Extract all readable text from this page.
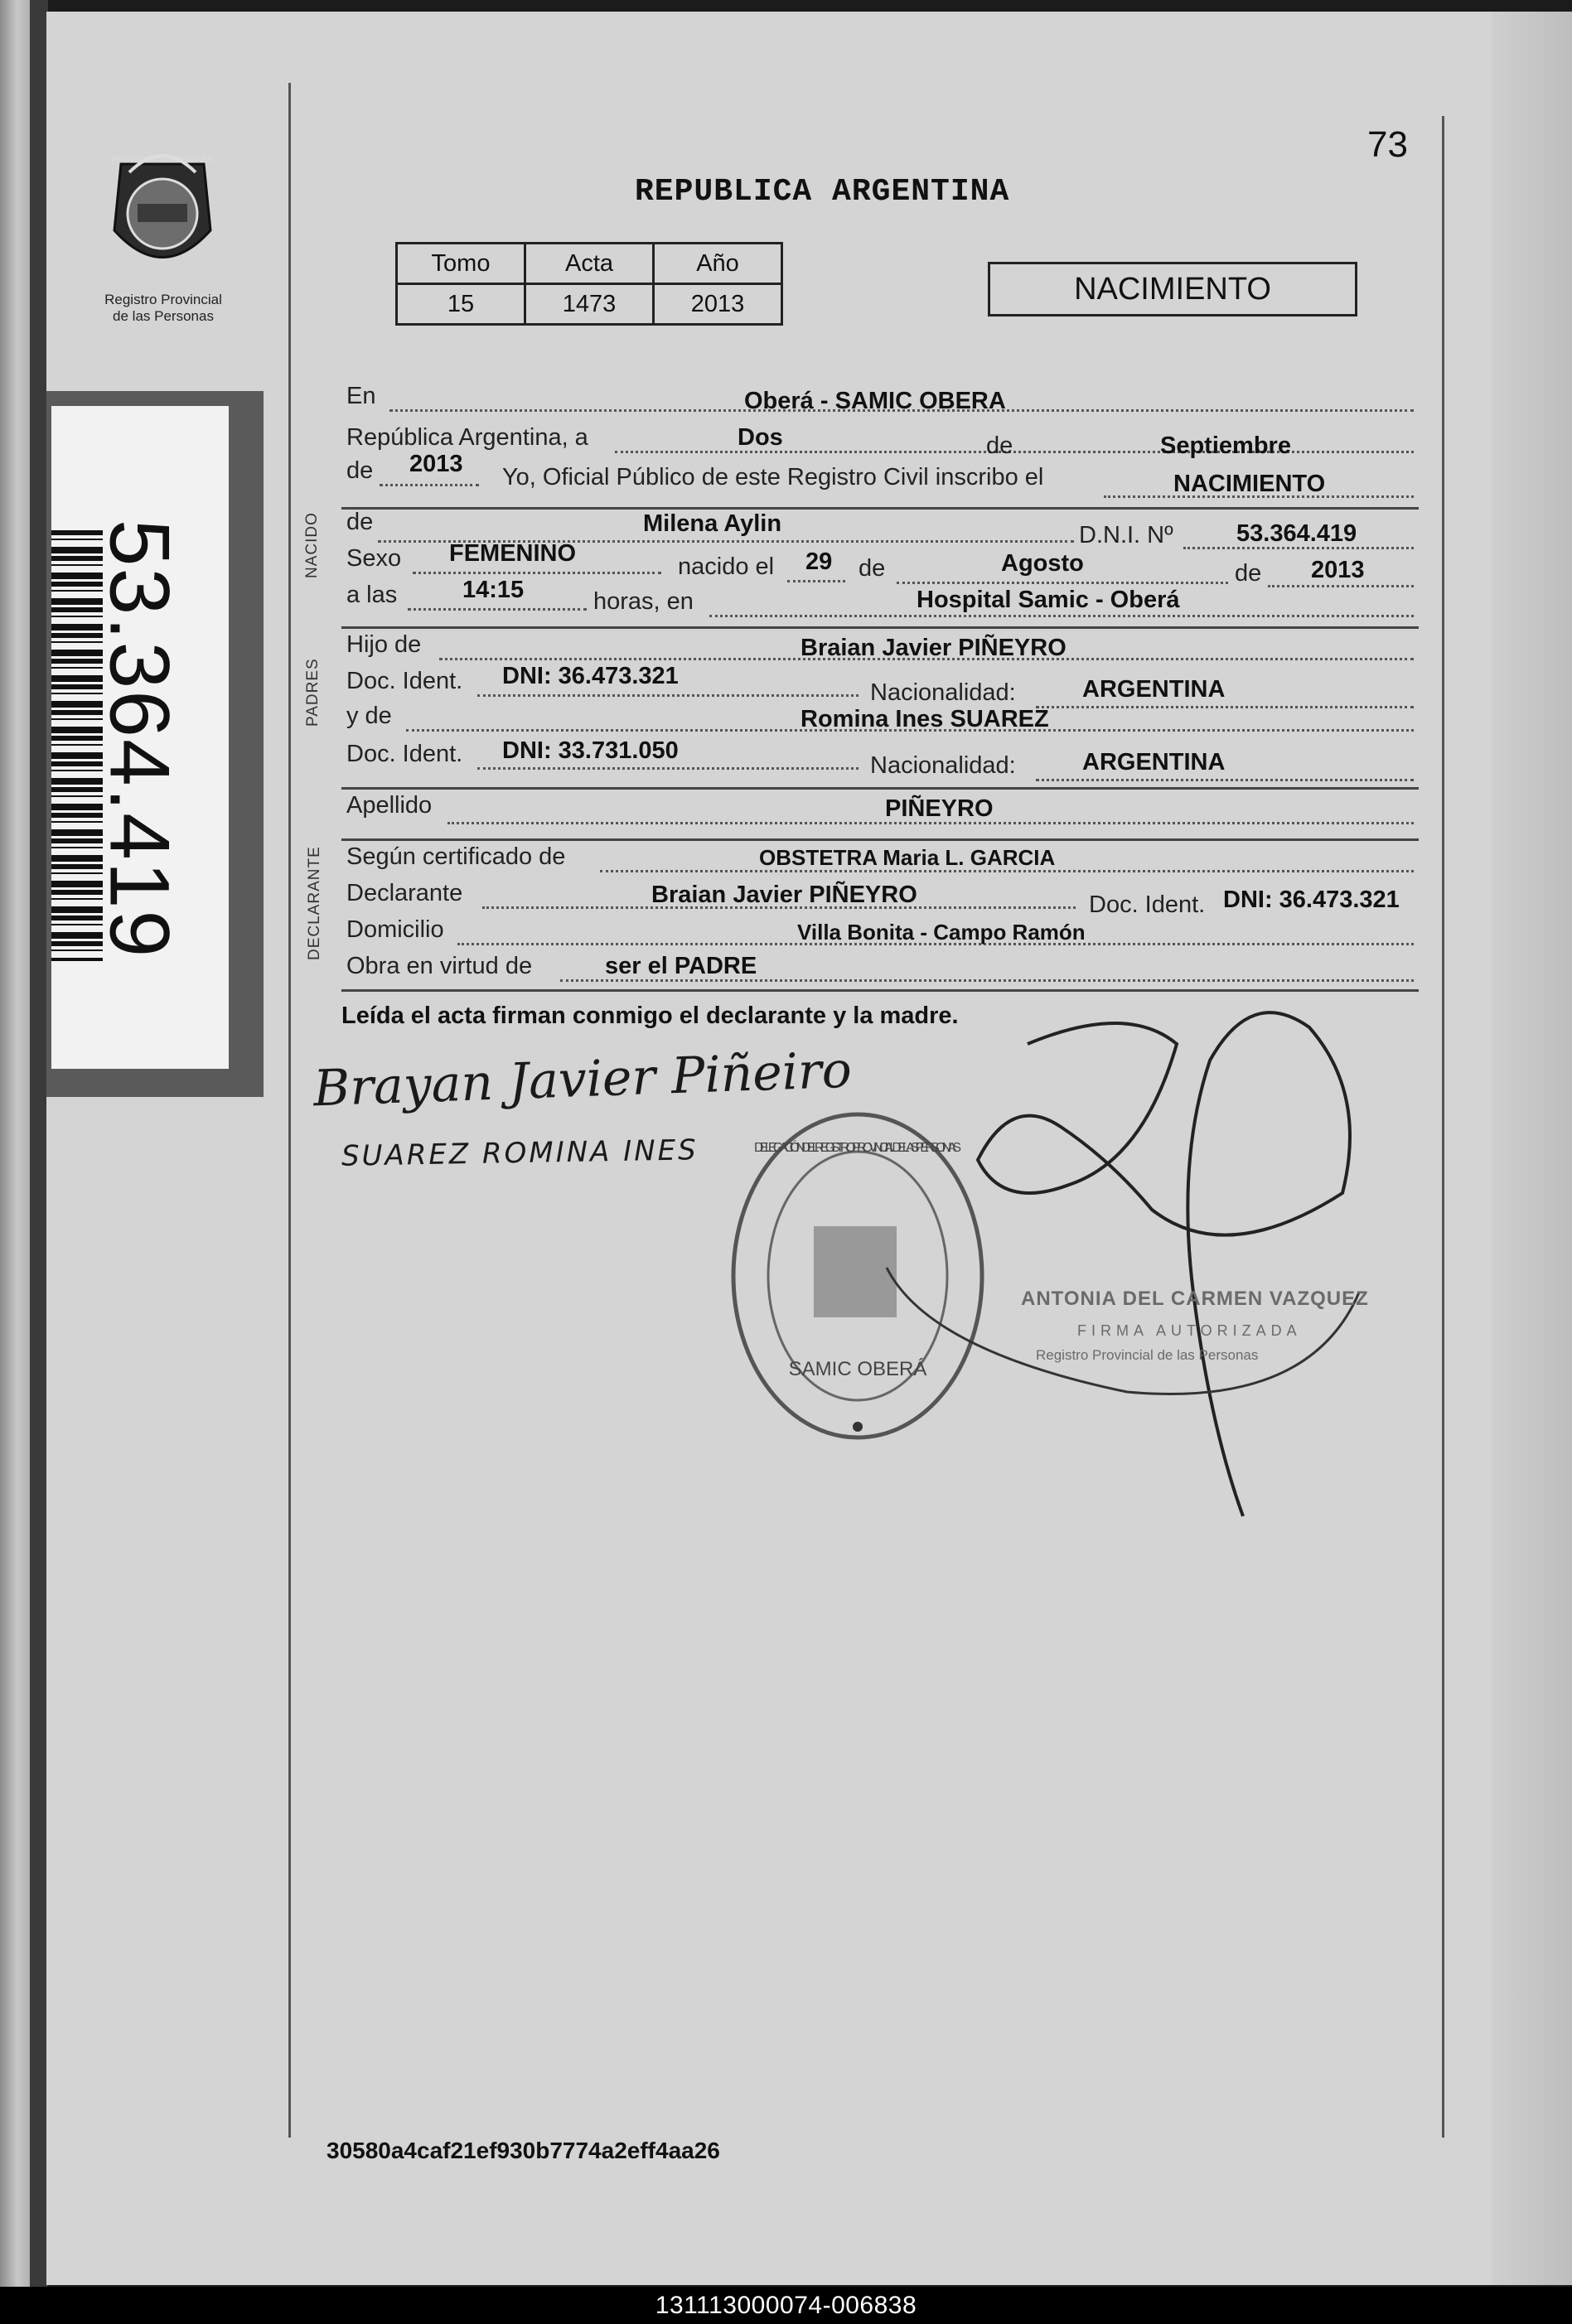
PROVINCIA DE MISIONES
Registro Provincial
de las Personas
53.364.419
73
REPUBLICA ARGENTINA
Tomo	Acta	Año
15	1473	2013	NACIMIENTO
En	Oberá - SAMIC OBERA
República Argentina, a	Dos	de	Septiembre
de 2013 Yo, Oficial Público de este Registro Civil inscribo el	NACIMIENTO
NACIDO de	Milena Aylin	D.N.I. Nº	53.364.419
Sexo FEMENINO	nacido el 29 de	Agosto	de 2013
a las	14:15	horas, en	Hospital Samic - Oberá
PADRES
Hijo de	Braian Javier PIÑEYRO
Doc. Ident. DNI: 36.473.321
Nacionalidad:	ARGENTINA
y de	Romina Ines SUAREZ
Doc. Ident. DNI: 33.731.050
Nacionalidad:	ARGENTINA
Apellido	PIÑEYRO
DECLARANTE Según certificado de	OBSTETRA Maria L. GARCIA
Declarante	Braian Javier PIÑEYRO	Doc. Ident. DNI: 36.473.321
Domicilio	Villa Bonita - Campo Ramón
Obra en virtud de	ser el PADRE
Leída el acta firman conmigo el declarante y la madre.
Brayan Javier Piñeiro
SUAREZ ROMINA INES	DELEGACIÓN DEL REGISTRO PROVINCIAL DE LAS PERSONAS
SAMIC OBERÁ
ANTONIA DEL CARMEN VAZQUEZ
FIRMA AUTORIZADA
Registro Provincial de las Personas
30580a4caf21ef930b7774a2eff4aa26
131113000074-006838
